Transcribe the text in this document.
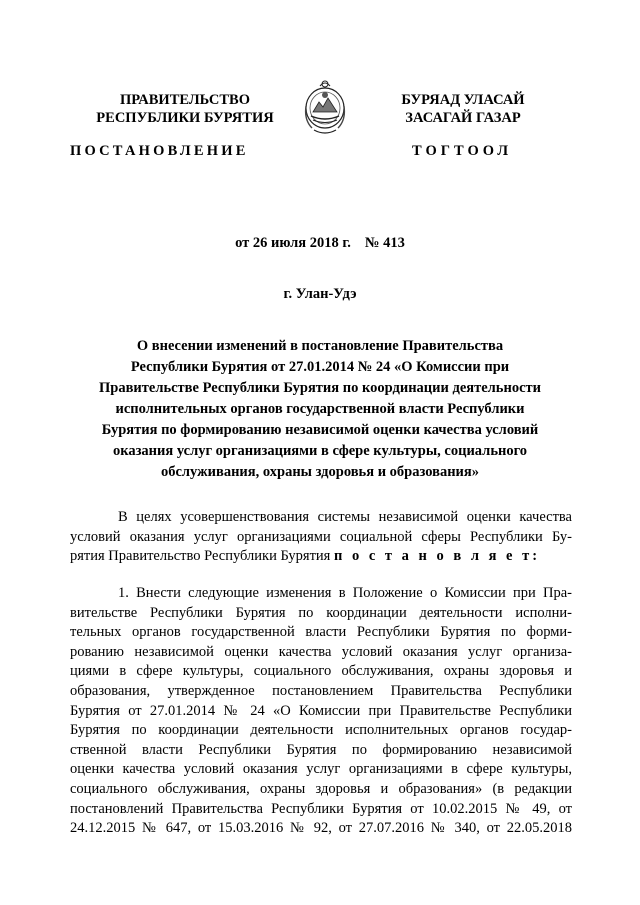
ПРАВИТЕЛЬСТВО
РЕСПУБЛИКИ БУРЯТИЯ
БУРЯАД УЛАСАЙ
ЗАСАГАЙ ГАЗАР
ПОСТАНОВЛЕНИЕ	ТОГТООЛ
от 26 июля 2018 г. № 413
г. Улан-Удэ
О внесении изменений в постановление Правительства
Республики Бурятия от 27.01.2014 № 24 «О Комиссии при
Правительстве Республики Бурятия по координации деятельности
исполнительных органов государственной власти Республики
Бурятия по формированию независимой оценки качества условий
оказания услуг организациями в сфере культуры, социального
обслуживания, охраны здоровья и образования»
В целях усовершенствования системы независимой оценки качества
условий оказания услуг организациями социальной сферы Республики Бу-
рятия Правительство Республики Бурятия п о с т а н о в л я е т:
1. Внести следующие изменения в Положение о Комиссии при Пра-
вительстве Республики Бурятия по координации деятельности исполни-
тельных органов государственной власти Республики Бурятия по форми-
рованию независимой оценки качества условий оказания услуг организа-
циями в сфере культуры, социального обслуживания, охраны здоровья и
образования, утвержденное постановлением Правительства Республики
Бурятия от 27.01.2014 № 24 «О Комиссии при Правительстве Республики
Бурятия по координации деятельности исполнительных органов государ-
ственной власти Республики Бурятия по формированию независимой
оценки качества условий оказания услуг организациями в сфере культуры,
социального обслуживания, охраны здоровья и образования» (в редакции
постановлений Правительства Республики Бурятия от 10.02.2015 № 49, от
24.12.2015 № 647, от 15.03.2016 № 92, от 27.07.2016 № 340, от 22.05.2018
